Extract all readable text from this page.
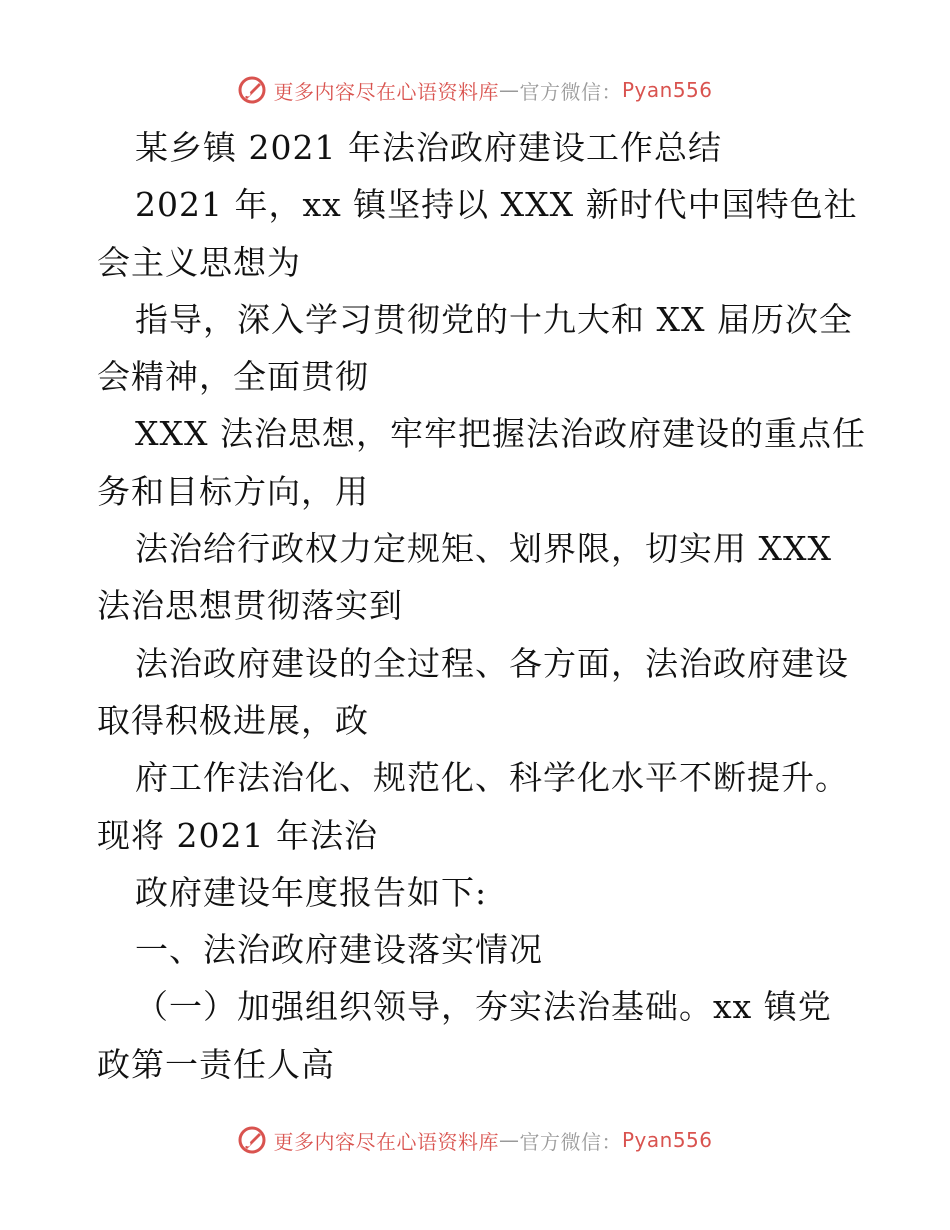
更多内容尽在心语资料库 — 官方微信： Pyan556
某乡镇 2021 年法治政府建设工作总结
2021 年，xx 镇坚持以 XXX 新时代中国特色社
会主义思想为
指导，深入学习贯彻党的十九大和 XX 届历次全
会精神，全面贯彻
XXX 法治思想，牢牢把握法治政府建设的重点任
务和目标方向，用
法治给行政权力定规矩、划界限，切实用 XXX
法治思想贯彻落实到
法治政府建设的全过程、各方面，法治政府建设
取得积极进展，政
府工作法治化、规范化、科学化水平不断提升。
现将 2021 年法治
政府建设年度报告如下:
一、法治政府建设落实情况
（一）加强组织领导，夯实法治基础。xx 镇党
政第一责任人高
更多内容尽在心语资料库 — 官方微信： Pyan556
